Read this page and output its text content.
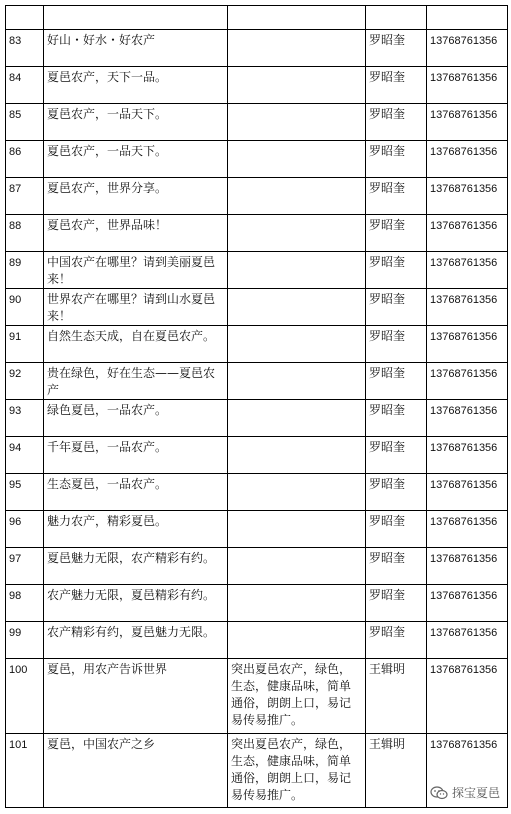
83	好山・好水・好农产		罗昭奎	13768761356
84	夏邑农产，天下一品。		罗昭奎	13768761356
85	夏邑农产，一品天下。		罗昭奎	13768761356
86	夏邑农产，一品天下。		罗昭奎	13768761356
87	夏邑农产，世界分享。		罗昭奎	13768761356
88	夏邑农产，世界品味！		罗昭奎	13768761356
89	中国农产在哪里？请到美丽夏邑来！		罗昭奎	13768761356
90	世界农产在哪里？请到山水夏邑来！		罗昭奎	13768761356
91	自然生态天成，自在夏邑农产。		罗昭奎	13768761356
92	贵在绿色，好在生态——夏邑农产		罗昭奎	13768761356
93	绿色夏邑，一品农产。		罗昭奎	13768761356
94	千年夏邑，一品农产。		罗昭奎	13768761356
95	生态夏邑，一品农产。		罗昭奎	13768761356
96	魅力农产，精彩夏邑。		罗昭奎	13768761356
97	夏邑魅力无限，农产精彩有约。		罗昭奎	13768761356
98	农产魅力无限，夏邑精彩有约。		罗昭奎	13768761356
99	农产精彩有约，夏邑魅力无限。		罗昭奎	13768761356
100	夏邑，用农产告诉世界	突出夏邑农产，绿色，生态，健康品味，简单通俗，朗朗上口，易记易传易推广。	王辑明	13768761356
101	夏邑，中国农产之乡	突出夏邑农产，绿色，生态，健康品味，简单通俗，朗朗上口，易记易传易推广。	王辑明	13768761356
探宝夏邑
